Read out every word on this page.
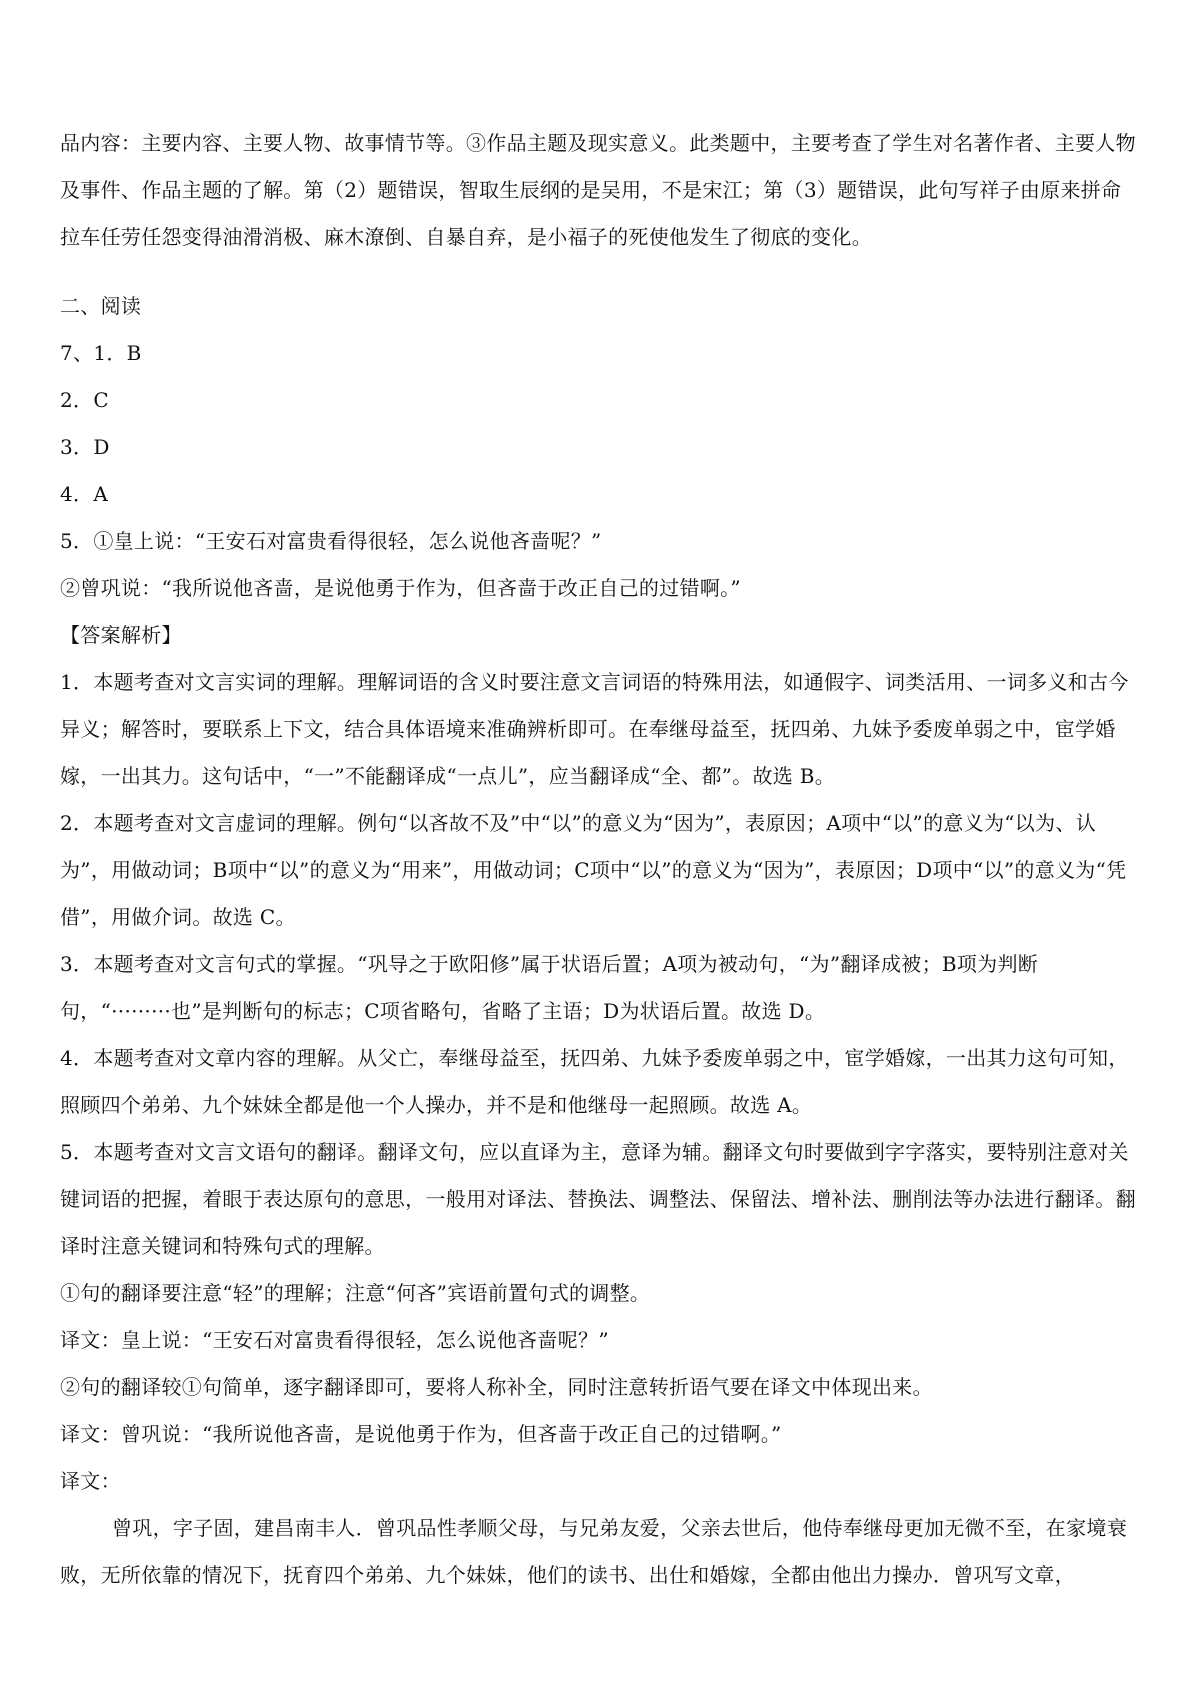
品内容：主要内容、主要人物、故事情节等。③作品主题及现实意义。此类题中，主要考查了学生对名著作者、主要人物及事件、作品主题的了解。第（2）题错误，智取生辰纲的是吴用，不是宋江；第（3）题错误，此句写祥子由原来拼命拉车任劳任怨变得油滑消极、麻木潦倒、自暴自弃，是小福子的死使他发生了彻底的变化。

二、阅读

7、1．B

2．C

3．D

4．A

5．①皇上说：“王安石对富贵看得很轻，怎么说他吝啬呢？”

②曾巩说：“我所说他吝啬，是说他勇于作为，但吝啬于改正自己的过错啊。”

【答案解析】

1．本题考查对文言实词的理解。理解词语的含义时要注意文言词语的特殊用法，如通假字、词类活用、一词多义和古今异义；解答时，要联系上下文，结合具体语境来准确辨析即可。在奉继母益至，抚四弟、九妹予委废单弱之中，宦学婚嫁，一出其力。这句话中，“一”不能翻译成“一点儿”，应当翻译成“全、都”。故选 B。

2．本题考查对文言虚词的理解。例句“以吝故不及”中“以”的意义为“因为”，表原因；A项中“以”的意义为“以为、认为”，用做动词；B项中“以”的意义为“用来”，用做动词；C项中“以”的意义为“因为”，表原因；D项中“以”的意义为“凭借”，用做介词。故选 C。

3．本题考查对文言句式的掌握。“巩导之于欧阳修”属于状语后置；A项为被动句，“为”翻译成被；B项为判断句，“·········也”是判断句的标志；C项省略句，省略了主语；D为状语后置。故选 D。

4．本题考查对文章内容的理解。从父亡，奉继母益至，抚四弟、九妹予委废单弱之中，宦学婚嫁，一出其力这句可知，照顾四个弟弟、九个妹妹全都是他一个人操办，并不是和他继母一起照顾。故选 A。

5．本题考查对文言文语句的翻译。翻译文句，应以直译为主，意译为辅。翻译文句时要做到字字落实，要特别注意对关键词语的把握，着眼于表达原句的意思，一般用对译法、替换法、调整法、保留法、增补法、删削法等办法进行翻译。翻译时注意关键词和特殊句式的理解。

①句的翻译要注意“轻”的理解；注意“何吝”宾语前置句式的调整。

译文：皇上说：“王安石对富贵看得很轻，怎么说他吝啬呢？”

②句的翻译较①句简单，逐字翻译即可，要将人称补全，同时注意转折语气要在译文中体现出来。

译文：曾巩说：“我所说他吝啬，是说他勇于作为，但吝啬于改正自己的过错啊。”

译文：

曾巩，字子固，建昌南丰人．曾巩品性孝顺父母，与兄弟友爱，父亲去世后，他侍奉继母更加无微不至，在家境衰败，无所依靠的情况下，抚育四个弟弟、九个妹妹，他们的读书、出仕和婚嫁，全都由他出力操办．曾巩写文章，
